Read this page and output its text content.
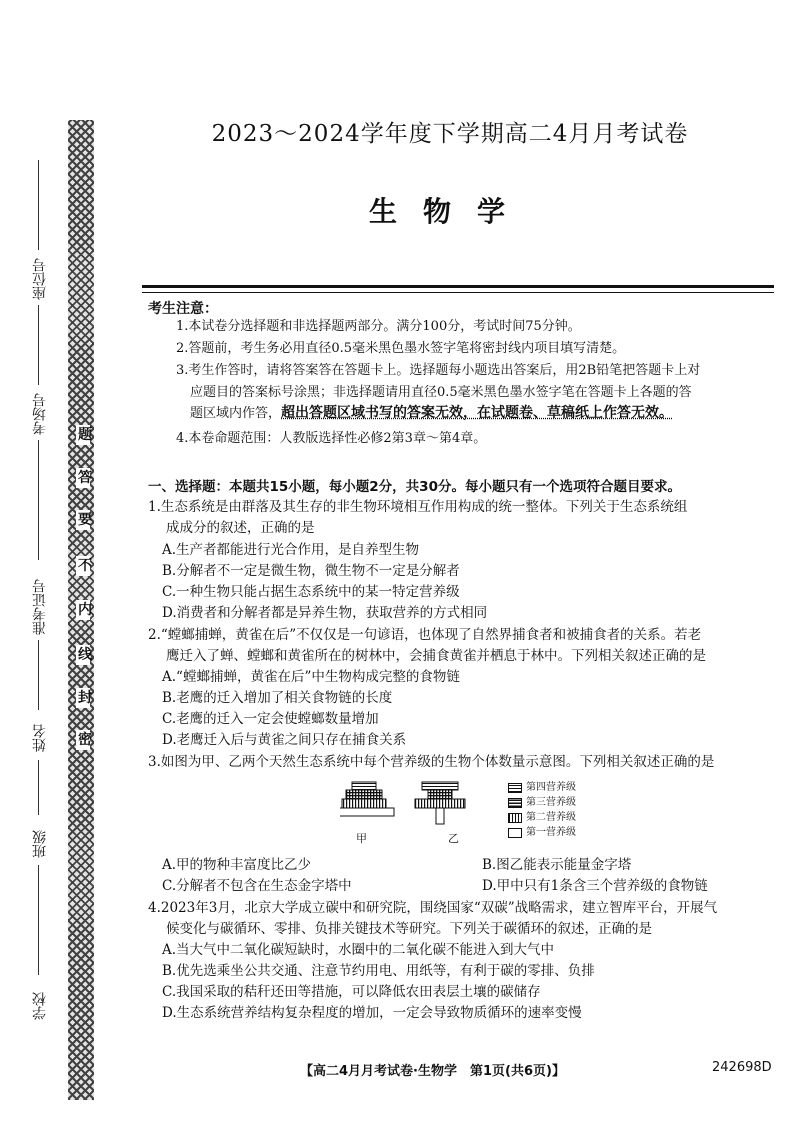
题
答
要
不
内
线
封
密
座位号
考场号
准考证号
姓名
班级
学校
2023～2024学年度下学期高二4月月考试卷
生物学
考生注意：
1.本试卷分选择题和非选择题两部分。满分100分，考试时间75分钟。
2.答题前，考生务必用直径0.5毫米黑色墨水签字笔将密封线内项目填写清楚。
3.考生作答时，请将答案答在答题卡上。选择题每小题选出答案后，用2B铅笔把答题卡上对
应题目的答案标号涂黑；非选择题请用直径0.5毫米黑色墨水签字笔在答题卡上各题的答
题区域内作答，超出答题区域书写的答案无效，在试题卷、草稿纸上作答无效。
4.本卷命题范围：人教版选择性必修2第3章～第4章。
一、选择题：本题共15小题，每小题2分，共30分。每小题只有一个选项符合题目要求。
1.生态系统是由群落及其生存的非生物环境相互作用构成的统一整体。下列关于生态系统组
成成分的叙述，正确的是
A.生产者都能进行光合作用，是自养型生物
B.分解者不一定是微生物，微生物不一定是分解者
C.一种生物只能占据生态系统中的某一特定营养级
D.消费者和分解者都是异养生物，获取营养的方式相同
2.“螳螂捕蝉，黄雀在后”不仅仅是一句谚语，也体现了自然界捕食者和被捕食者的关系。若老
鹰迁入了蝉、螳螂和黄雀所在的树林中，会捕食黄雀并栖息于林中。下列相关叙述正确的是
A.“螳螂捕蝉，黄雀在后”中生物构成完整的食物链
B.老鹰的迁入增加了相关食物链的长度
C.老鹰的迁入一定会使螳螂数量增加
D.老鹰迁入后与黄雀之间只存在捕食关系
3.如图为甲、乙两个天然生态系统中每个营养级的生物个体数量示意图。下列相关叙述正确的是
甲	乙
第四营养级
第三营养级
第二营养级
第一营养级
A.甲的物种丰富度比乙少	B.图乙能表示能量金字塔
C.分解者不包含在生态金字塔中	D.甲中只有1条含三个营养级的食物链
4.2023年3月，北京大学成立碳中和研究院，围绕国家“双碳”战略需求，建立智库平台，开展气
候变化与碳循环、零排、负排关键技术等研究。下列关于碳循环的叙述，正确的是
A.当大气中二氧化碳短缺时，水圈中的二氧化碳不能进入到大气中
B.优先选乘坐公共交通、注意节约用电、用纸等，有利于碳的零排、负排
C.我国采取的秸秆还田等措施，可以降低农田表层土壤的碳储存
D.生态系统营养结构复杂程度的增加，一定会导致物质循环的速率变慢
【高二4月月考试卷·生物学　第1页(共6页)】	242698D
